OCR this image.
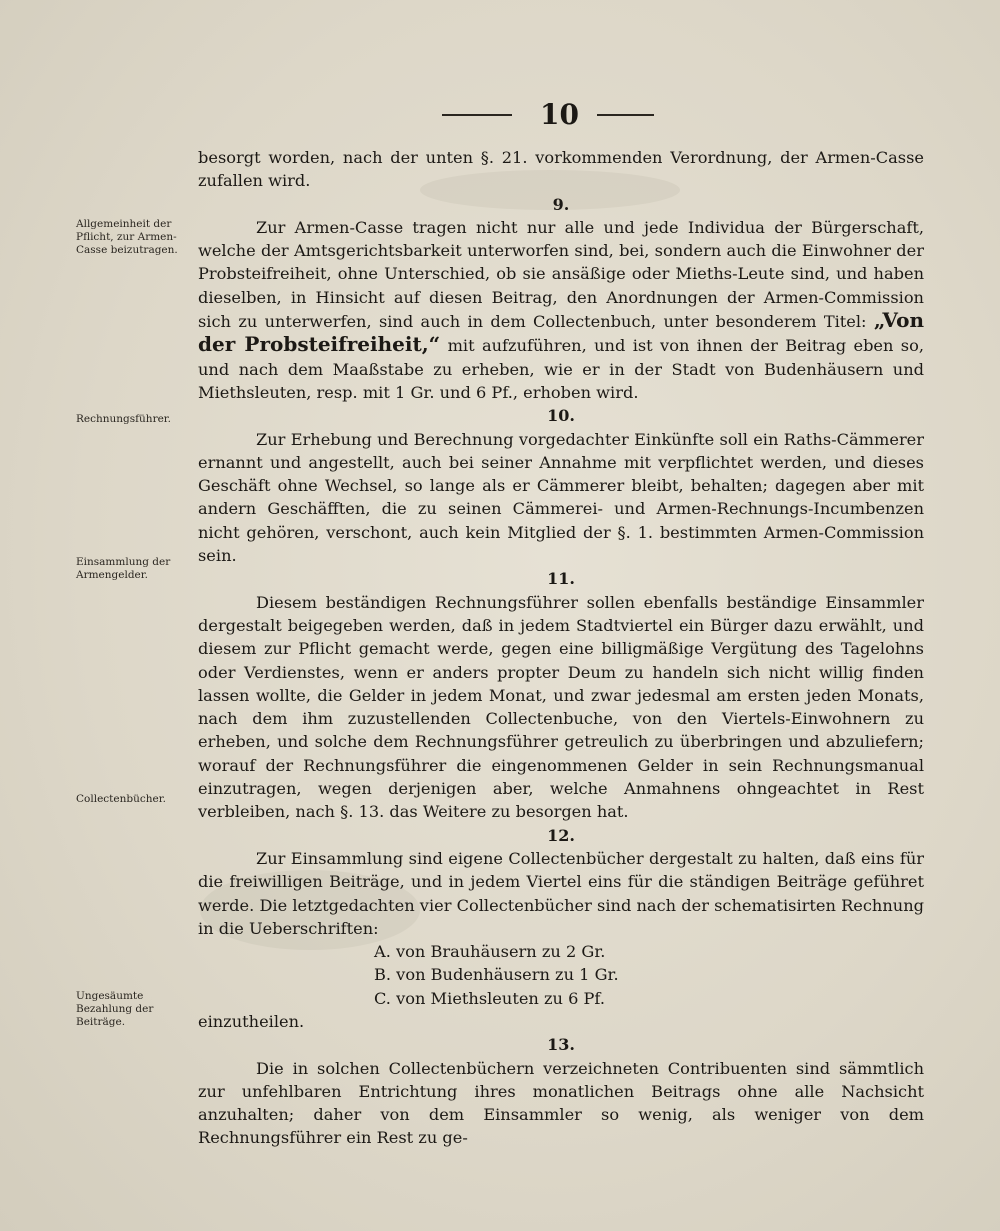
10
Allgemeinheit der Pflicht, zur Armen-Casse beizutragen.
Rechnungsführer.
Einsammlung der Armengelder.
Collectenbücher.
Ungesäumte Bezahlung der Beiträge.

besorgt worden, nach der unten §. 21. vorkommenden Verordnung, der Armen-Casse zufallen wird.

9.

Zur Armen-Casse tragen nicht nur alle und jede Individua der Bürgerschaft, welche der Amtsgerichtsbarkeit unterworfen sind, bei, sondern auch die Einwohner der Probsteifreiheit, ohne Unterschied, ob sie ansäßige oder Mieths-Leute sind, und haben dieselben, in Hinsicht auf diesen Beitrag, den Anordnungen der Armen-Commission sich zu unterwerfen, sind auch in dem Collectenbuch, unter besonderem Titel: „Von der Probsteifreiheit,“ mit aufzuführen, und ist von ihnen der Beitrag eben so, und nach dem Maaßstabe zu erheben, wie er in der Stadt von Budenhäusern und Miethsleuten, resp. mit 1 Gr. und 6 Pf., erhoben wird.

10.

Zur Erhebung und Berechnung vorgedachter Einkünfte soll ein Raths-Cämmerer ernannt und angestellt, auch bei seiner Annahme mit verpflichtet werden, und dieses Geschäft ohne Wechsel, so lange als er Cämmerer bleibt, behalten; dagegen aber mit andern Geschäfften, die zu seinen Cämmerei- und Armen-Rechnungs-Incumbenzen nicht gehören, verschont, auch kein Mitglied der §. 1. bestimmten Armen-Commission sein.

11.

Diesem beständigen Rechnungsführer sollen ebenfalls beständige Einsammler dergestalt beigegeben werden, daß in jedem Stadtviertel ein Bürger dazu erwählt, und diesem zur Pflicht gemacht werde, gegen eine billigmäßige Vergütung des Tagelohns oder Verdienstes, wenn er anders propter Deum zu handeln sich nicht willig finden lassen wollte, die Gelder in jedem Monat, und zwar jedesmal am ersten jeden Monats, nach dem ihm zuzustellenden Collectenbuche, von den Viertels-Einwohnern zu erheben, und solche dem Rechnungsführer getreulich zu überbringen und abzuliefern; worauf der Rechnungsführer die eingenommenen Gelder in sein Rechnungsmanual einzutragen, wegen derjenigen aber, welche Anmahnens ohngeachtet in Rest verbleiben, nach §. 13. das Weitere zu besorgen hat.

12.

Zur Einsammlung sind eigene Collectenbücher dergestalt zu halten, daß eins für die freiwilligen Beiträge, und in jedem Viertel eins für die ständigen Beiträge geführet werde. Die letztgedachten vier Collectenbücher sind nach der schematisirten Rechnung in die Ueberschriften:

A. von Brauhäusern zu 2 Gr.
B. von Budenhäusern zu 1 Gr.
C. von Miethsleuten zu 6 Pf.

einzutheilen.

13.

Die in solchen Collectenbüchern verzeichneten Contribuenten sind sämmtlich zur unfehlbaren Entrichtung ihres monatlichen Beitrags ohne alle Nachsicht anzuhalten; daher von dem Einsammler so wenig, als weniger von dem Rechnungsführer ein Rest zu ge-
